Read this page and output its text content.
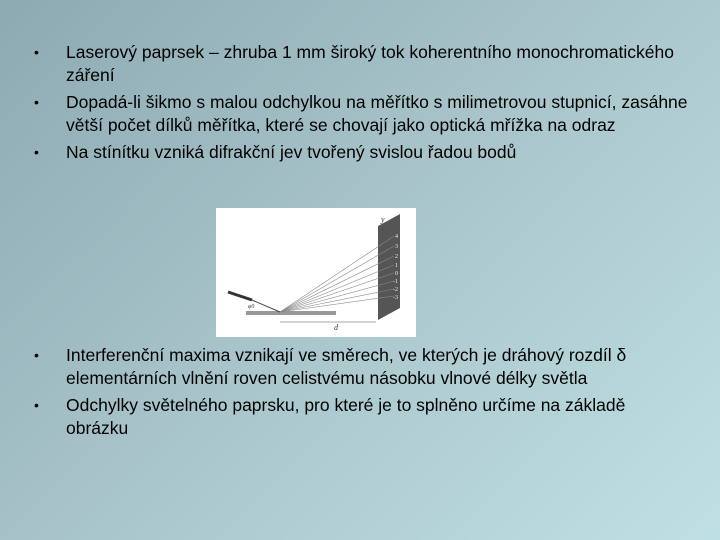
• Laserový paprsek – zhruba 1 mm široký tok koherentního monochromatického záření
• Dopadá-li šikmo s malou odchylkou na měřítko s milimetrovou stupnicí, zasáhne větší počet dílků měřítka, které se chovají jako optická mřížka na odraz
• Na stínítku vzniká difrakční jev tvořený svislou řadou bodů
4
3
2
1
0
-1
-2
-3
y
d
φ0
• Interferenční maxima vznikají ve směrech, ve kterých je dráhový rozdíl δ elementárních vlnění roven celistvému násobku vlnové délky světla
• Odchylky světelného paprsku, pro které je to splněno určíme na základě obrázku
